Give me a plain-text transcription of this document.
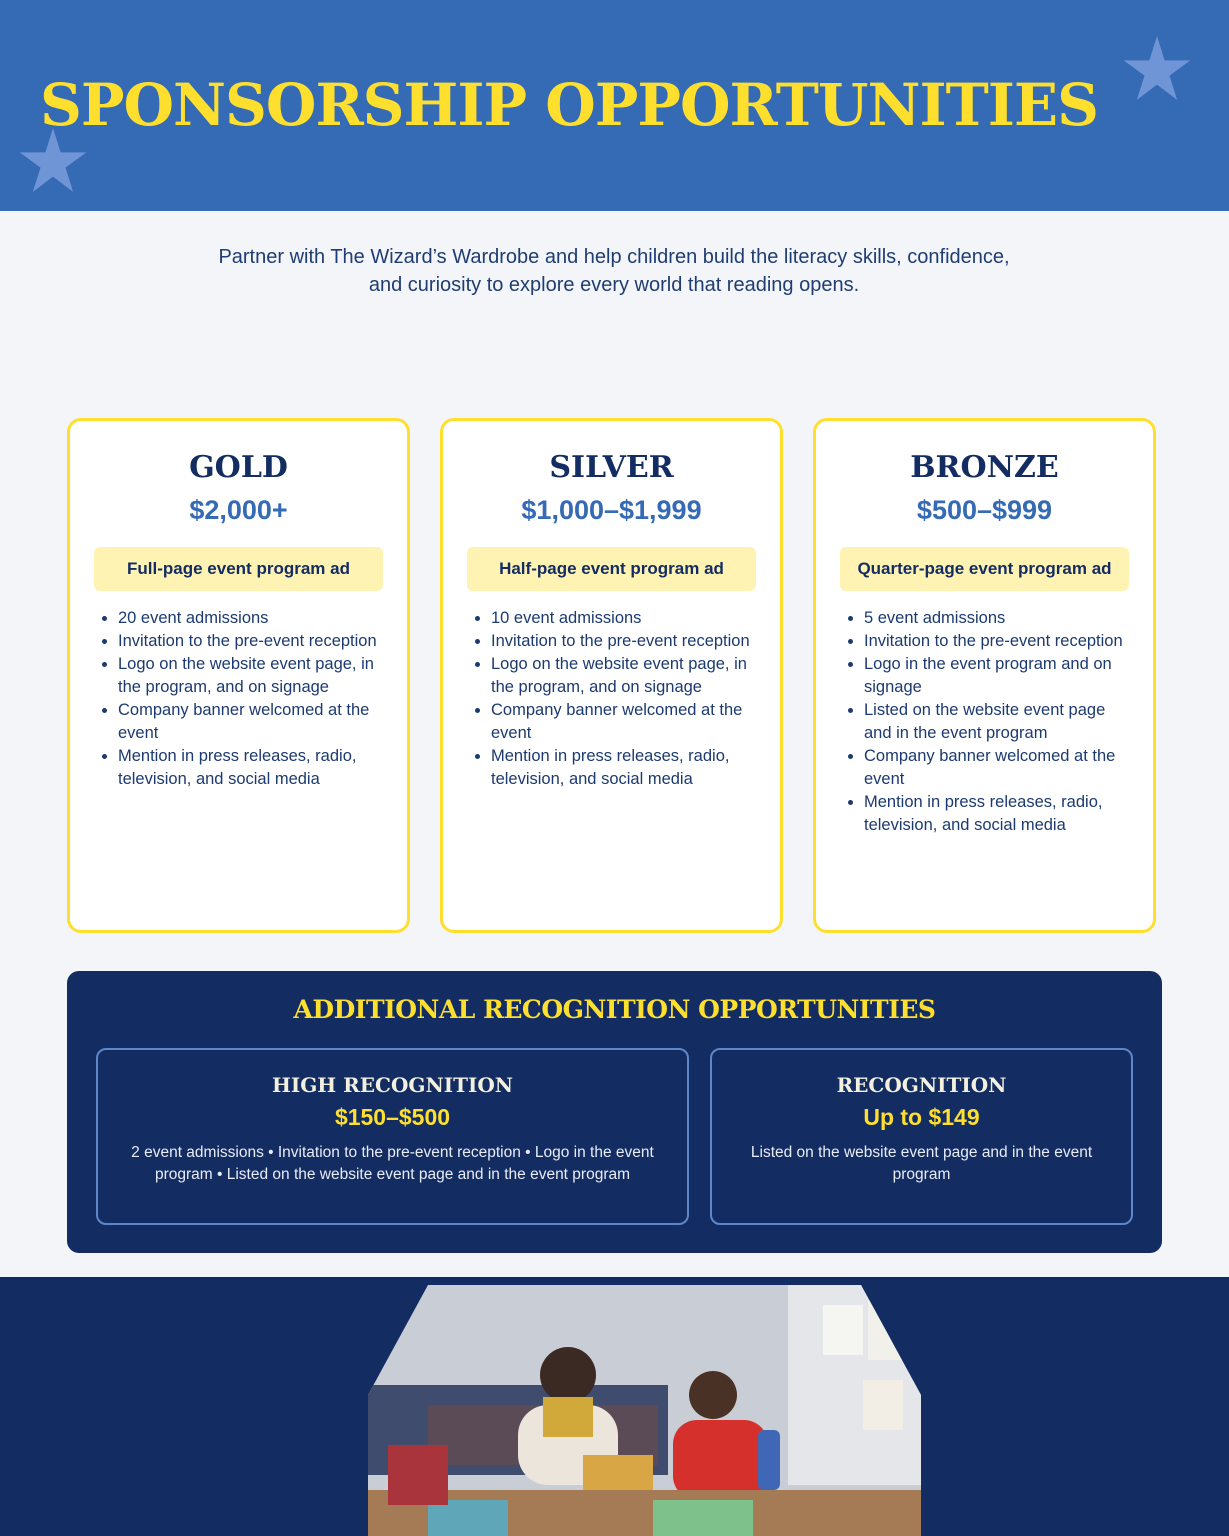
SPONSORSHIP OPPORTUNITIES

Partner with The Wizard’s Wardrobe and help children build the literacy skills, confidence,
and curiosity to explore every world that reading opens.

GOLD
$2,000+
Full-page event program ad
• 20 event admissions
• Invitation to the pre-event reception
• Logo on the website event page, in the program, and on signage
• Company banner welcomed at the event
• Mention in press releases, radio, television, and social media
SILVER
$1,000–$1,999
Half-page event program ad
• 10 event admissions
• Invitation to the pre-event reception
• Logo on the website event page, in the program, and on signage
• Company banner welcomed at the event
• Mention in press releases, radio, television, and social media
BRONZE
$500–$999
Quarter-page event program ad
• 5 event admissions
• Invitation to the pre-event reception
• Logo in the event program and on signage
• Listed on the website event page and in the event program
• Company banner welcomed at the event
• Mention in press releases, radio, television, and social media
ADDITIONAL RECOGNITION OPPORTUNITIES
HIGH RECOGNITION
$150–$500
2 event admissions • Invitation to the pre-event reception • Logo in the event program • Listed on the website event page and in the event program
RECOGNITION
Up to $149
Listed on the website event page and in the event program
